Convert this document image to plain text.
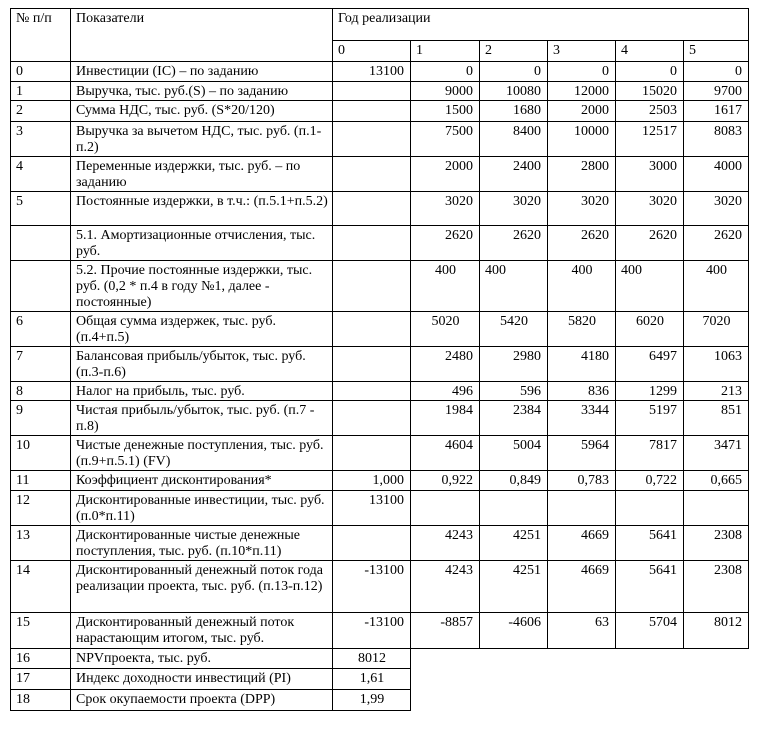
№ п/п	Показатели	Год реализации					
		0	1	2	3	4	5
0	Инвестиции (IC) – по заданию	13100	0	0	0	0	0
1	Выручка, тыс. руб.(S) – по заданию		9000	10080	12000	15020	9700
2	Сумма НДС, тыс. руб. (S*20/120)		1500	1680	2000	2503	1617
3	Выручка за вычетом НДС, тыс. руб. (п.1-п.2)		7500	8400	10000	12517	8083
4	Переменные издержки, тыс. руб. – по заданию		2000	2400	2800	3000	4000
5	Постоянные издержки, в т.ч.: (п.5.1+п.5.2)		3020	3020	3020	3020	3020
	5.1. Амортизационные отчисления, тыс. руб.		2620	2620	2620	2620	2620
	5.2. Прочие постоянные издержки, тыс. руб. (0,2 * п.4 в году №1, далее - постоянные)		400	400	400	400	400
6	Общая сумма издержек, тыс. руб. (п.4+п.5)		5020	5420	5820	6020	7020
7	Балансовая прибыль/убыток, тыс. руб. (п.3-п.6)		2480	2980	4180	6497	1063
8	Налог на прибыль, тыс. руб.		496	596	836	1299	213
9	Чистая прибыль/убыток, тыс. руб. (п.7 - п.8)		1984	2384	3344	5197	851
10	Чистые денежные поступления, тыс. руб. (п.9+п.5.1) (FV)		4604	5004	5964	7817	3471
11	Коэффициент дисконтирования*	1,000	0,922	0,849	0,783	0,722	0,665
12	Дисконтированные инвестиции, тыс. руб. (п.0*п.11)	13100					
13	Дисконтированные чистые денежные поступления, тыс. руб. (п.10*п.11)		4243	4251	4669	5641	2308
14	Дисконтированный денежный поток года реализации проекта, тыс. руб. (п.13-п.12)	-13100	4243	4251	4669	5641	2308
15	Дисконтированный денежный поток нарастающим итогом, тыс. руб.	-13100	-8857	-4606	63	5704	8012
16	NPVпроекта, тыс. руб.	8012					
17	Индекс доходности инвестиций (PI)	1,61					
18	Срок окупаемости проекта (DPP)	1,99					
